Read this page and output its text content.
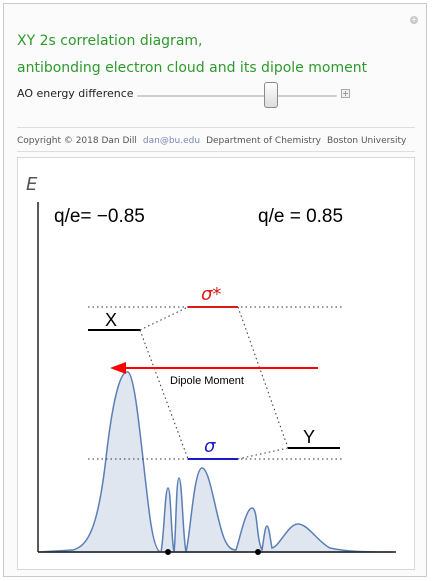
+
XY 2s correlation diagram,
antibonding electron cloud and its dipole moment
AO energy difference	+
Copyright © 2018 Dan Dill dan@bu.edu Department of Chemistry Boston University
E
q/e= −0.85	q/e = 0.85
X
Y
σ*
σ
Dipole Moment
